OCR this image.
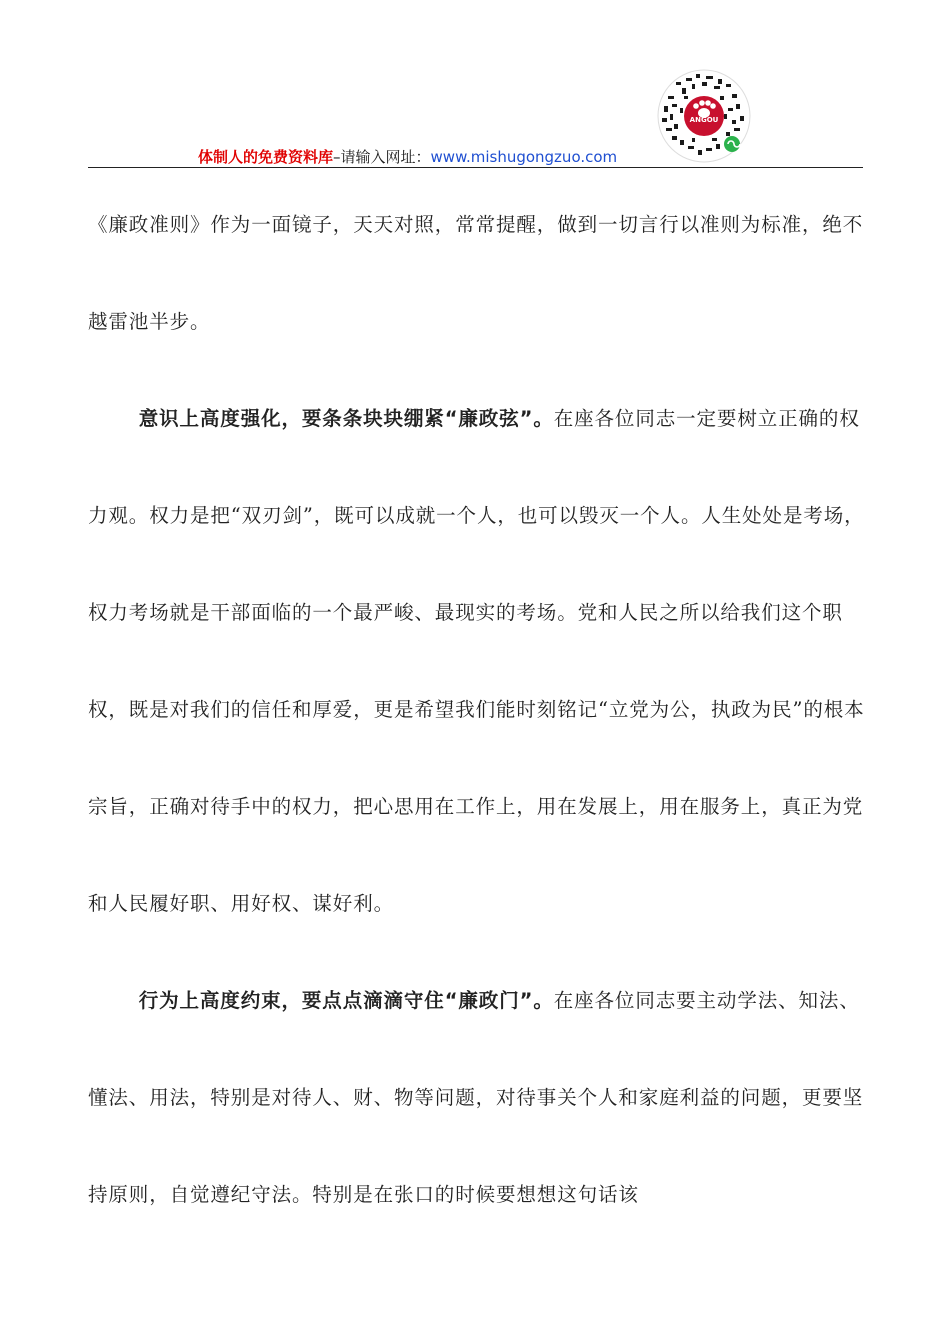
ANGOU
体制人的免费资料库–请输入网址：www.mishugongzuo.com

《廉政准则》作为一面镜子，天天对照，常常提醒，做到一切言行以准则为标准，绝不越雷池半步。

意识上高度强化，要条条块块绷紧“廉政弦”。在座各位同志一定要树立正确的权力观。权力是把“双刃剑”，既可以成就一个人，也可以毁灭一个人。人生处处是考场，权力考场就是干部面临的一个最严峻、最现实的考场。党和人民之所以给我们这个职权，既是对我们的信任和厚爱，更是希望我们能时刻铭记“立党为公，执政为民”的根本宗旨，正确对待手中的权力，把心思用在工作上，用在发展上，用在服务上，真正为党和人民履好职、用好权、谋好利。

行为上高度约束，要点点滴滴守住“廉政门”。在座各位同志要主动学法、知法、懂法、用法，特别是对待人、财、物等问题，对待事关个人和家庭利益的问题，更要坚持原则，自觉遵纪守法。特别是在张口的时候要想想这句话该
